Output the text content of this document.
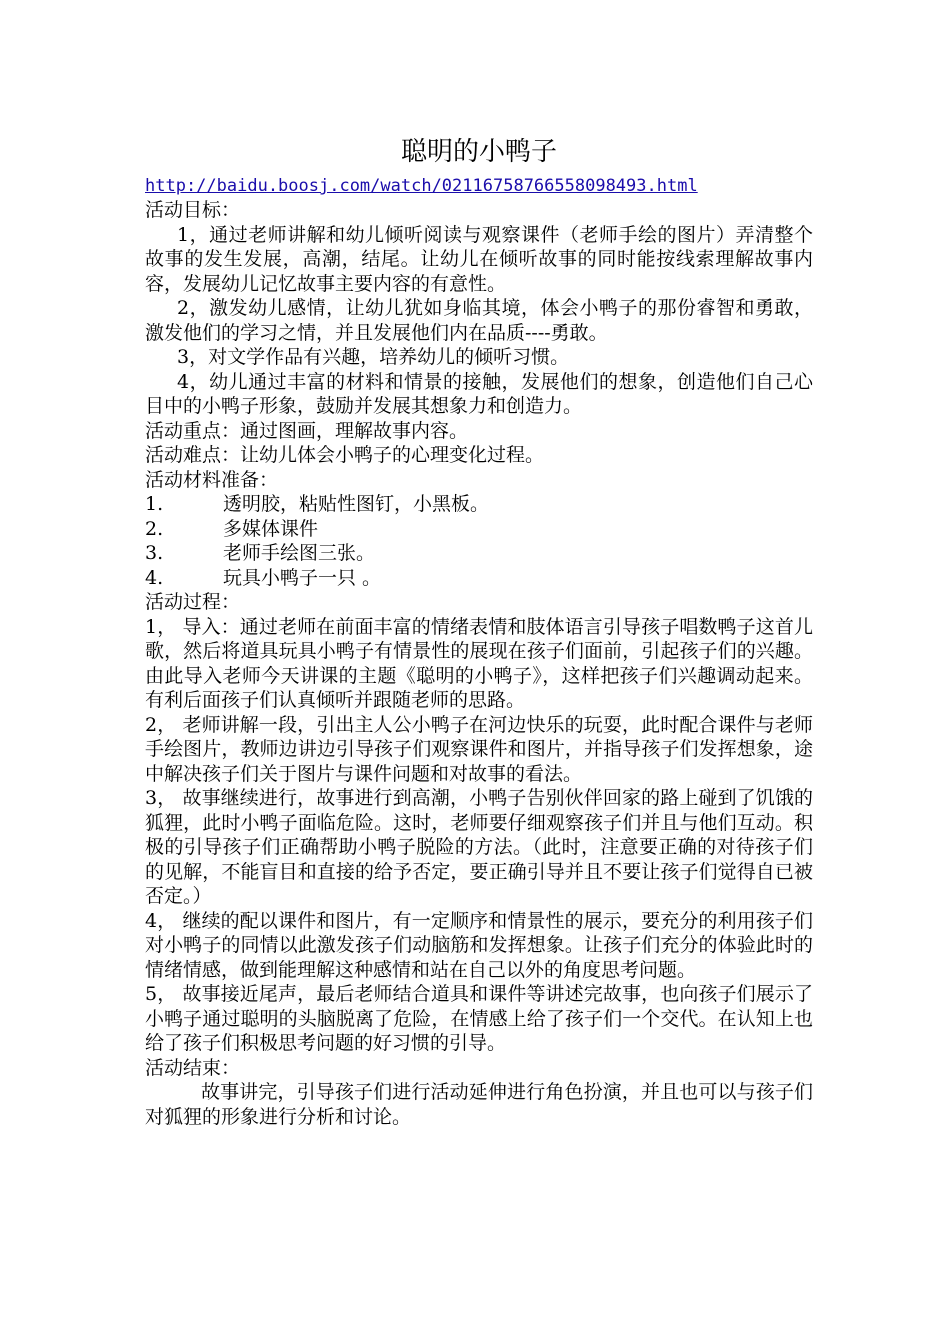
聪明的小鸭子
http://baidu.boosj.com/watch/02116758766558098493.html

活动目标：

1，通过老师讲解和幼儿倾听阅读与观察课件（老师手绘的图片）弄清整个故事的发生发展，高潮，结尾。让幼儿在倾听故事的同时能按线索理解故事内容，发展幼儿记忆故事主要内容的有意性。

2，激发幼儿感情，让幼儿犹如身临其境，体会小鸭子的那份睿智和勇敢，激发他们的学习之情，并且发展他们内在品质----勇敢。

3，对文学作品有兴趣，培养幼儿的倾听习惯。

4，幼儿通过丰富的材料和情景的接触，发展他们的想象，创造他们自己心目中的小鸭子形象，鼓励并发展其想象力和创造力。

活动重点：通过图画，理解故事内容。

活动难点：让幼儿体会小鸭子的心理变化过程。

活动材料准备：

1.	透明胶，粘贴性图钉，小黑板。
2.	多媒体课件
3.	老师手绘图三张。
4.	玩具小鸭子一只 。

活动过程：

1， 导入：通过老师在前面丰富的情绪表情和肢体语言引导孩子唱数鸭子这首儿歌，然后将道具玩具小鸭子有情景性的展现在孩子们面前，引起孩子们的兴趣。由此导入老师今天讲课的主题《聪明的小鸭子》，这样把孩子们兴趣调动起来。有利后面孩子们认真倾听并跟随老师的思路。

2， 老师讲解一段，引出主人公小鸭子在河边快乐的玩耍，此时配合课件与老师手绘图片，教师边讲边引导孩子们观察课件和图片，并指导孩子们发挥想象，途中解决孩子们关于图片与课件问题和对故事的看法。

3， 故事继续进行，故事进行到高潮，小鸭子告别伙伴回家的路上碰到了饥饿的狐狸，此时小鸭子面临危险。这时，老师要仔细观察孩子们并且与他们互动。积极的引导孩子们正确帮助小鸭子脱险的方法。（此时，注意要正确的对待孩子们的见解，不能盲目和直接的给予否定，要正确引导并且不要让孩子们觉得自已被否定。）

4， 继续的配以课件和图片，有一定顺序和情景性的展示，要充分的利用孩子们对小鸭子的同情以此激发孩子们动脑筋和发挥想象。让孩子们充分的体验此时的情绪情感，做到能理解这种感情和站在自己以外的角度思考问题。

5， 故事接近尾声，最后老师结合道具和课件等讲述完故事，也向孩子们展示了小鸭子通过聪明的头脑脱离了危险，在情感上给了孩子们一个交代。在认知上也给了孩子们积极思考问题的好习惯的引导。

活动结束：

故事讲完，引导孩子们进行活动延伸进行角色扮演，并且也可以与孩子们对狐狸的形象进行分析和讨论。
